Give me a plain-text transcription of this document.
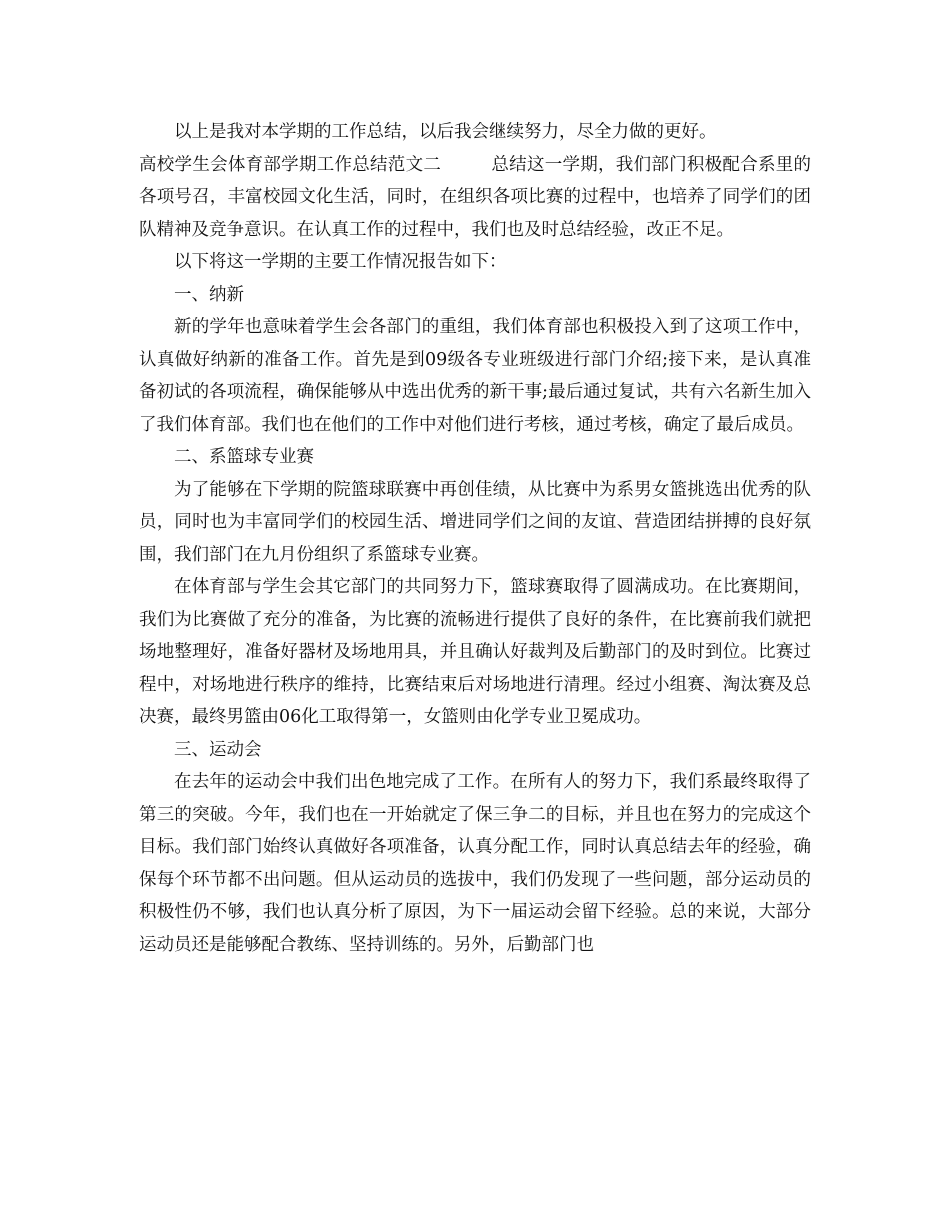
以上是我对本学期的工作总结，以后我会继续努力，尽全力做的更好。

高校学生会体育部学期工作总结范文二	总结这一学期，我们部门积极配合系里的各项号召，丰富校园文化生活，同时，在组织各项比赛的过程中，也培养了同学们的团队精神及竞争意识。在认真工作的过程中，我们也及时总结经验，改正不足。

以下将这一学期的主要工作情况报告如下：

一、纳新

新的学年也意味着学生会各部门的重组，我们体育部也积极投入到了这项工作中，认真做好纳新的准备工作。首先是到09级各专业班级进行部门介绍;接下来，是认真准备初试的各项流程，确保能够从中选出优秀的新干事;最后通过复试，共有六名新生加入了我们体育部。我们也在他们的工作中对他们进行考核，通过考核，确定了最后成员。

二、系篮球专业赛

为了能够在下学期的院篮球联赛中再创佳绩，从比赛中为系男女篮挑选出优秀的队员，同时也为丰富同学们的校园生活、增进同学们之间的友谊、营造团结拼搏的良好氛围，我们部门在九月份组织了系篮球专业赛。

在体育部与学生会其它部门的共同努力下，篮球赛取得了圆满成功。在比赛期间，我们为比赛做了充分的准备，为比赛的流畅进行提供了良好的条件，在比赛前我们就把场地整理好，准备好器材及场地用具，并且确认好裁判及后勤部门的及时到位。比赛过程中，对场地进行秩序的维持，比赛结束后对场地进行清理。经过小组赛、淘汰赛及总决赛，最终男篮由06化工取得第一，女篮则由化学专业卫冕成功。

三、运动会

在去年的运动会中我们出色地完成了工作。在所有人的努力下，我们系最终取得了第三的突破。今年，我们也在一开始就定了保三争二的目标，并且也在努力的完成这个目标。我们部门始终认真做好各项准备，认真分配工作，同时认真总结去年的经验，确保每个环节都不出问题。但从运动员的选拔中，我们仍发现了一些问题，部分运动员的积极性仍不够，我们也认真分析了原因，为下一届运动会留下经验。总的来说，大部分运动员还是能够配合教练、坚持训练的。另外，后勤部门也
